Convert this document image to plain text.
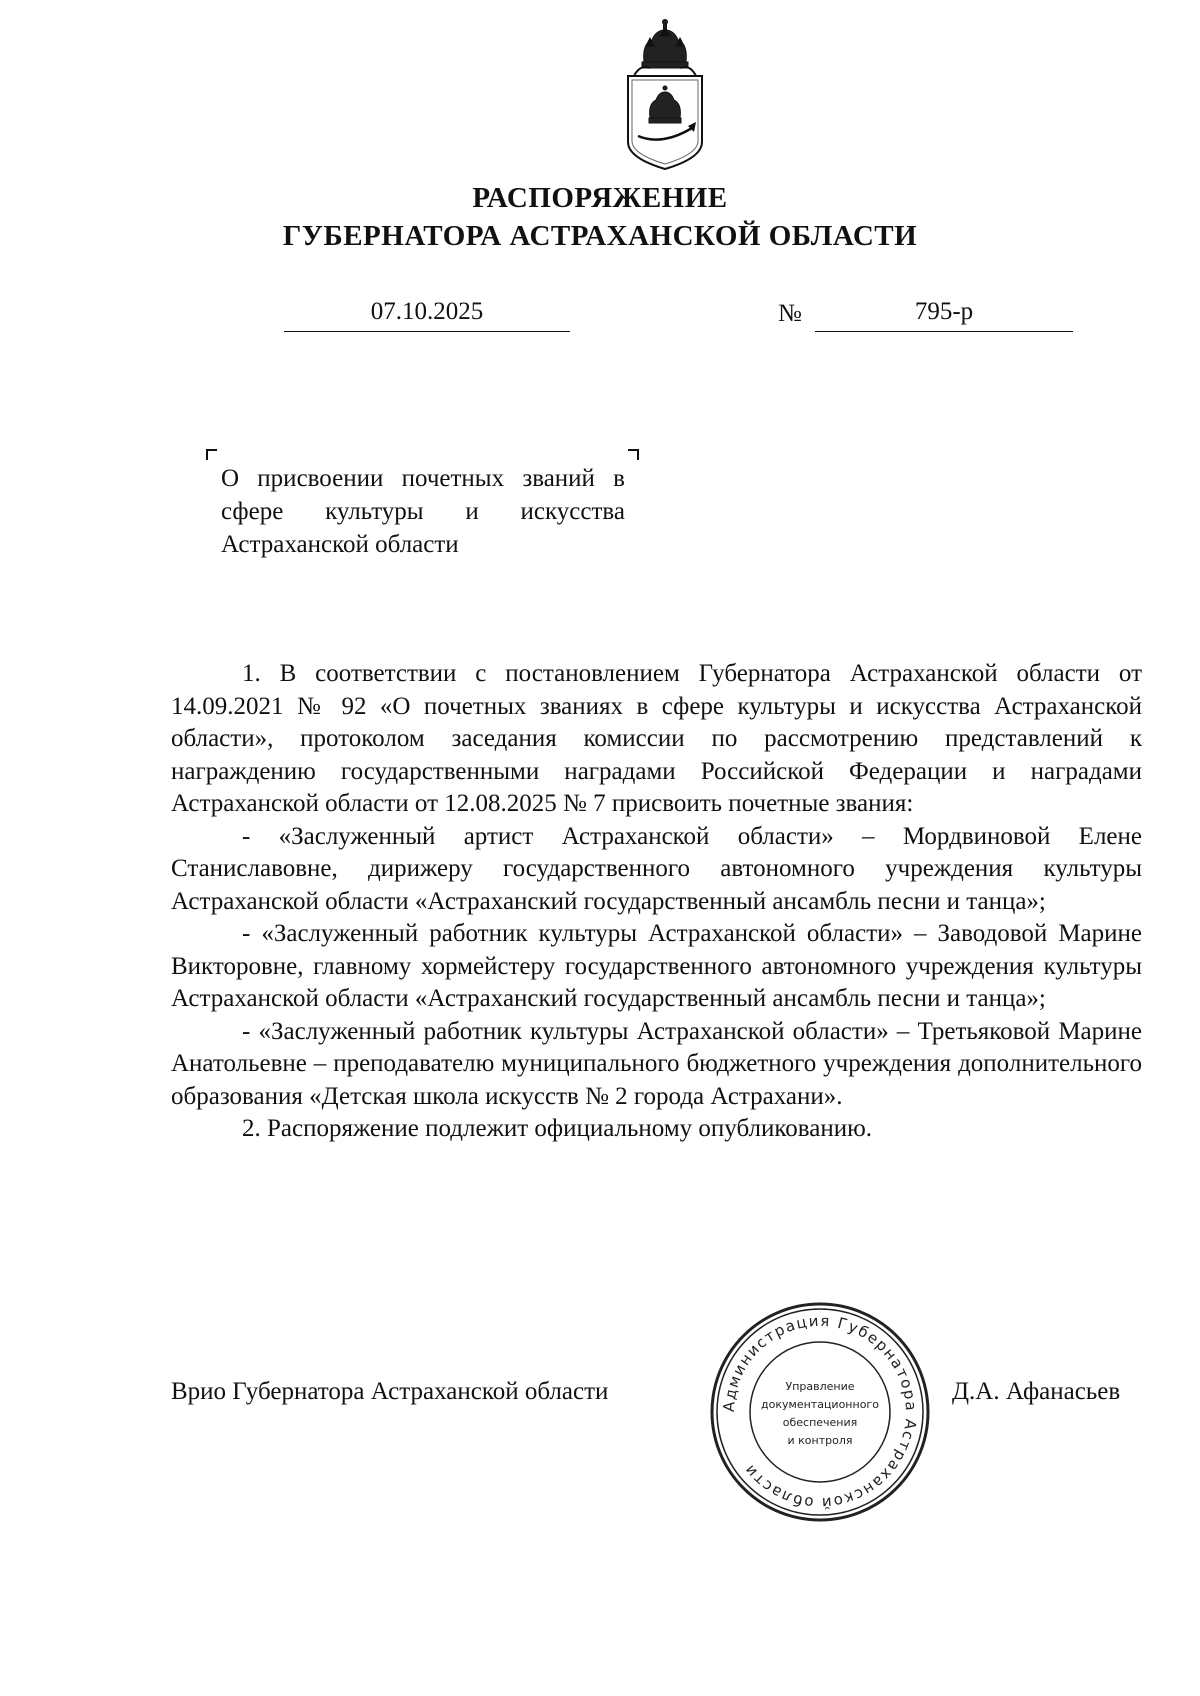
РАСПОРЯЖЕНИЕ
ГУБЕРНАТОРА АСТРАХАНСКОЙ ОБЛАСТИ
07.10.2025	№	795-р
О присвоении почетных званий в сфере культуры и искусства Астраханской области

1. В соответствии с постановлением Губернатора Астраханской области от 14.09.2021 № 92 «О почетных званиях в сфере культуры и искусства Астраханской области», протоколом заседания комиссии по рассмотрению представлений к награждению государственными наградами Российской Федерации и наградами Астраханской области от 12.08.2025 № 7 присвоить почетные звания:

- «Заслуженный артист Астраханской области» – Мордвиновой Елене Станиславовне, дирижеру государственного автономного учреждения культуры Астраханской области «Астраханский государственный ансамбль песни и танца»;

- «Заслуженный работник культуры Астраханской области» – Заводовой Марине Викторовне, главному хормейстеру государственного автономного учреждения культуры Астраханской области «Астраханский государственный ансамбль песни и танца»;

- «Заслуженный работник культуры Астраханской области» – Третьяковой Марине Анатольевне – преподавателю муниципального бюджетного учреждения дополнительного образования «Детская школа искусств № 2 города Астрахани».

2. Распоряжение подлежит официальному опубликованию.

Врио Губернатора Астраханской области	Д.А. Афанасьев
Администрация Губернатора Астраханской области
Управление
документационного
обеспечения
и контроля
